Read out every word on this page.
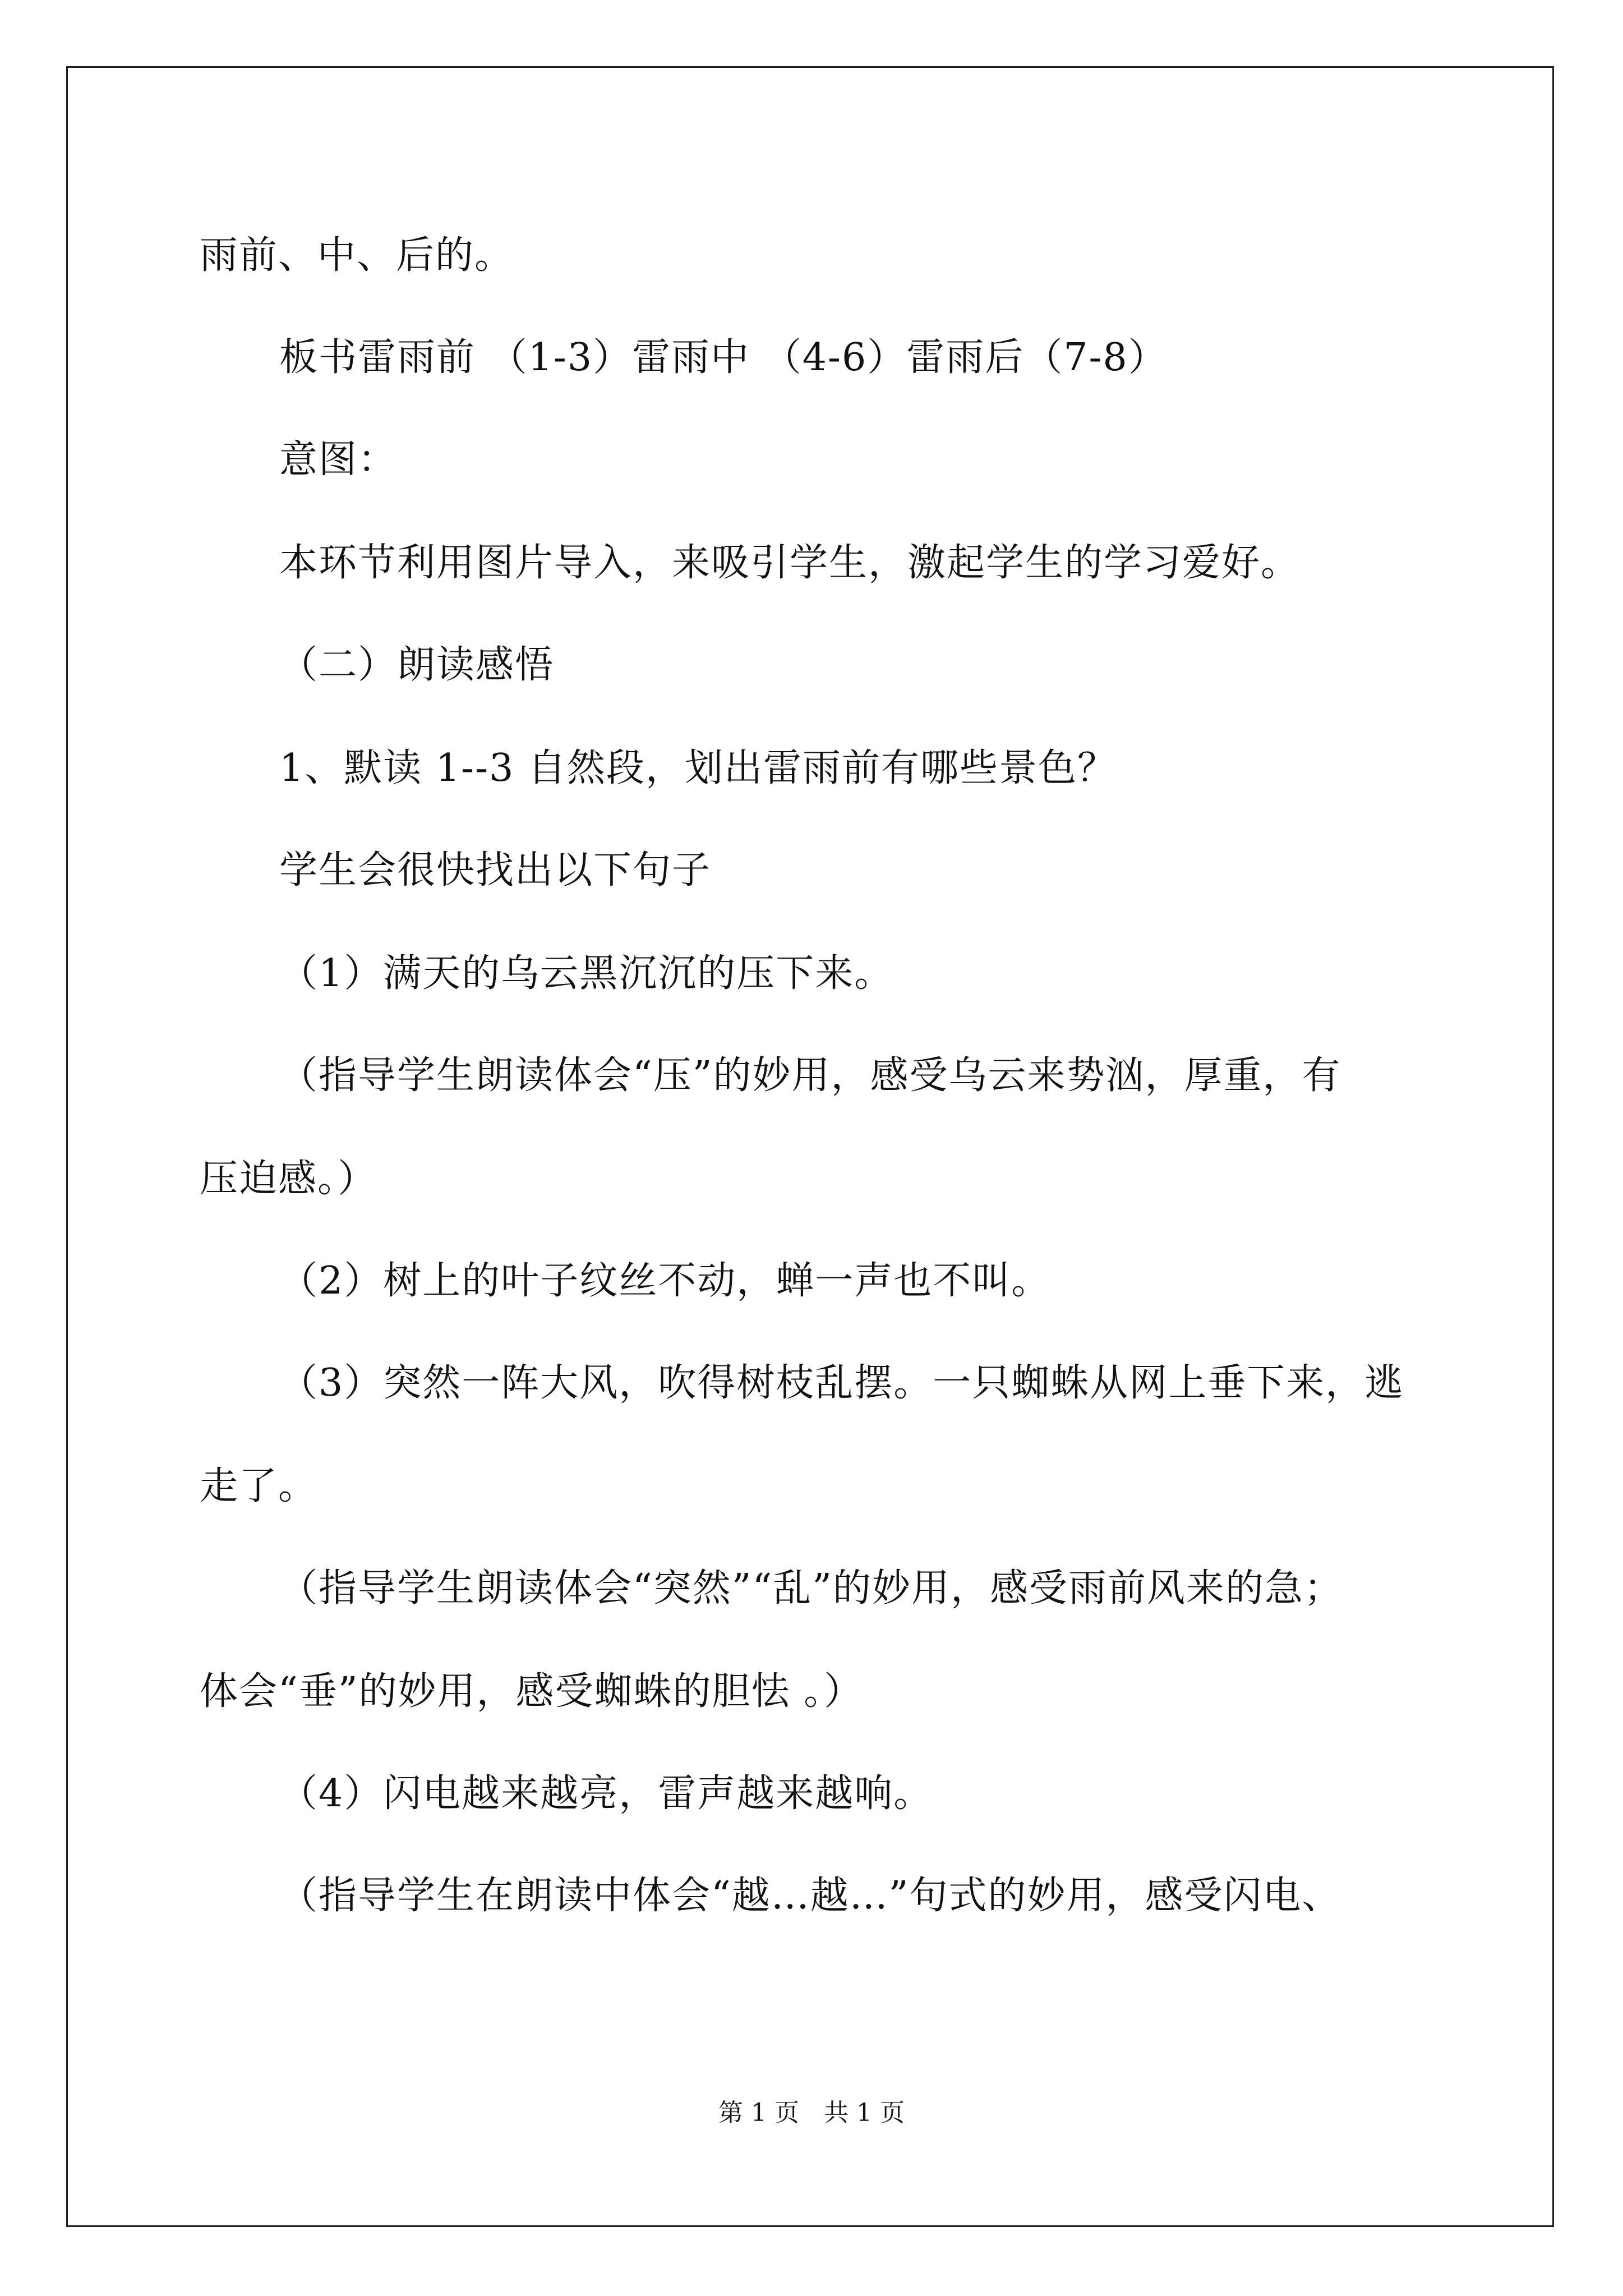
雨前、中、后的。
板书雷雨前 （1-3）雷雨中 （4-6）雷雨后（7-8）
意图：
本环节利用图片导入，来吸引学生，激起学生的学习爱好。
（二）朗读感悟
1、默读 1--3 自然段，划出雷雨前有哪些景色？
学生会很快找出以下句子
（1）满天的乌云黑沉沉的压下来。
（指导学生朗读体会“压”的妙用，感受乌云来势汹，厚重，有
压迫感。）
（2）树上的叶子纹丝不动，蝉一声也不叫。
（3）突然一阵大风，吹得树枝乱摆。一只蜘蛛从网上垂下来，逃
走了。
（指导学生朗读体会“突然”“乱”的妙用，感受雨前风来的急；
体会“垂”的妙用，感受蜘蛛的胆怯 。）
（4）闪电越来越亮，雷声越来越响。
（指导学生在朗读中体会“越…越…”句式的妙用，感受闪电、
第 1 页　共 1 页
